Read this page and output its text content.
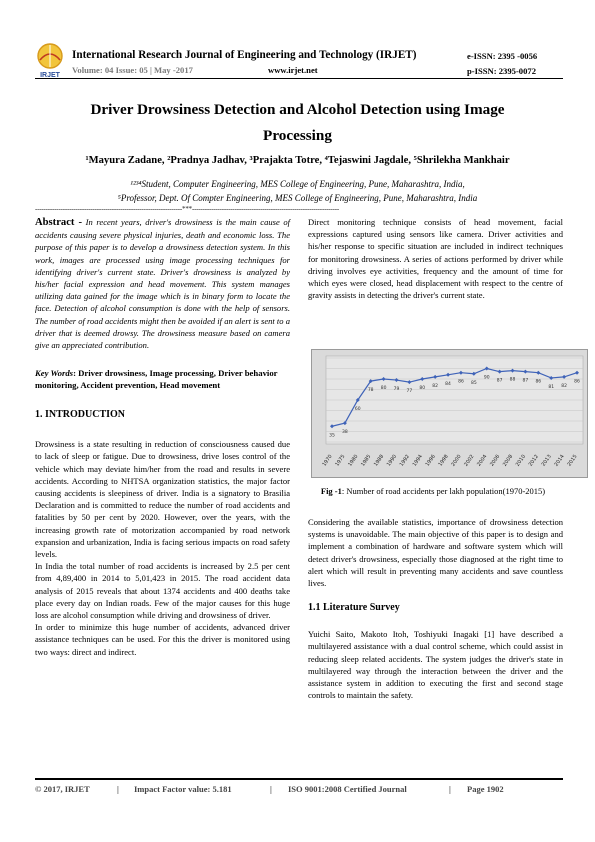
IRJET
International Research Journal of Engineering and Technology (IRJET)
Volume: 04 Issue: 05 | May -2017	www.irjet.net
e-ISSN: 2395 -0056
p-ISSN: 2395-0072
Driver Drowsiness Detection and Alcohol Detection using Image
Processing
¹Mayura Zadane, ²Pradnya Jadhav, ³Prajakta Totre, ⁴Tejaswini Jagdale, ⁵Shrilekha Mankhair
¹²³⁴Student, Computer Engineering, MES College of Engineering, Pune, Maharashtra, India,
⁵Professor, Dept. Of Compter Engineering, MES College of Engineering, Pune, Maharashtra, India
---------------------------------------------------------------------***---------------------------------------------------------------------

Abstract - In recent years, driver's drowsiness is the main cause of accidents causing severe physical injuries, death and economic loss. The purpose of this paper is to develop a drowsiness detection system. In this work, images are processed using image processing techniques for identifying driver's current state. Driver's drowsiness is analyzed by his/her facial expression and head movement. This system manages utilizing data gained for the image which is in binary form to locate the face. Detection of alcohol consumption is done with the help of sensors. The number of road accidents might then be avoided if an alert is sent to a driver that is deemed drowsy. The drowsiness measure based on camera give an appreciated contribution.

Key Words: Driver drowsiness, Image processing, Driver behavior monitoring, Accident prevention, Head movement

1. INTRODUCTION

Drowsiness is a state resulting in reduction of consciousness caused due to lack of sleep or fatigue. Due to drowsiness, drive loses control of the vehicle which may deviate him/her from the road and results in severe accidents. According to NHTSA organization statistics, the major factor causing accidents is sleepiness of driver. India is a signatory to Brasilia Declaration and is committed to reduce the number of road accidents and fatalities by 50 per cent by 2020. However, over the years, with the increasing growth rate of motorization accompanied by road network expansion and urbanization, India is facing serious impacts on road safety levels.

In India the total number of road accidents is increased by 2.5 per cent from 4,89,400 in 2014 to 5,01,423 in 2015. The road accident data analysis of 2015 reveals that about 1374 accidents and 400 deaths take place every day on Indian roads. Few of the major causes for this huge loss are alcohol consumption while driving and drowsiness of driver.

In order to minimize this huge number of accidents, advanced driver assistance techniques can be used. For this the driver is monitored using two ways: direct and indirect.

Direct monitoring technique consists of head movement, facial expressions captured using sensors like camera. Driver activities and his/her response to specific situation are included in indirect techniques for monitoring drowsiness. A series of actions performed by driver while driving involves eye activities, frequency and the amount of time for which eyes were closed, head displacement with respect to the centre of gravity assists in detecting the driver's current state.

35
38
60
78 80 79 77
80 82 84 86 85
90
87 88 87 86
81 82
86
1970 1975 1980 1985 1988 1990 1992 1994 1996 1998 2000 2002 2004 2006 2008 2010 2012 2013 2014 2015
Fig -1: Number of road accidents per lakh population(1970-2015)

Considering the available statistics, importance of drowsiness detection systems is unavoidable. The main objective of this paper is to design and implement a combination of hardware and software system which will detect driver's drowsiness, especially those diagnosed at the right time to alert which will result in preventing many accidents and save countless lives.

1.1 Literature Survey

Yuichi Saito, Makoto Itoh, Toshiyuki Inagaki [1] have described a multilayered assistance with a dual control scheme, which could assist in reducing sleep related accidents. The system judges the driver's state in multilayered way through the interaction between the driver and the assistance system in addition to executing the first and second stage controls to maintain the safety.

© 2017, IRJET	| Impact Factor value: 5.181	| ISO 9001:2008 Certified Journal	| Page 1902
